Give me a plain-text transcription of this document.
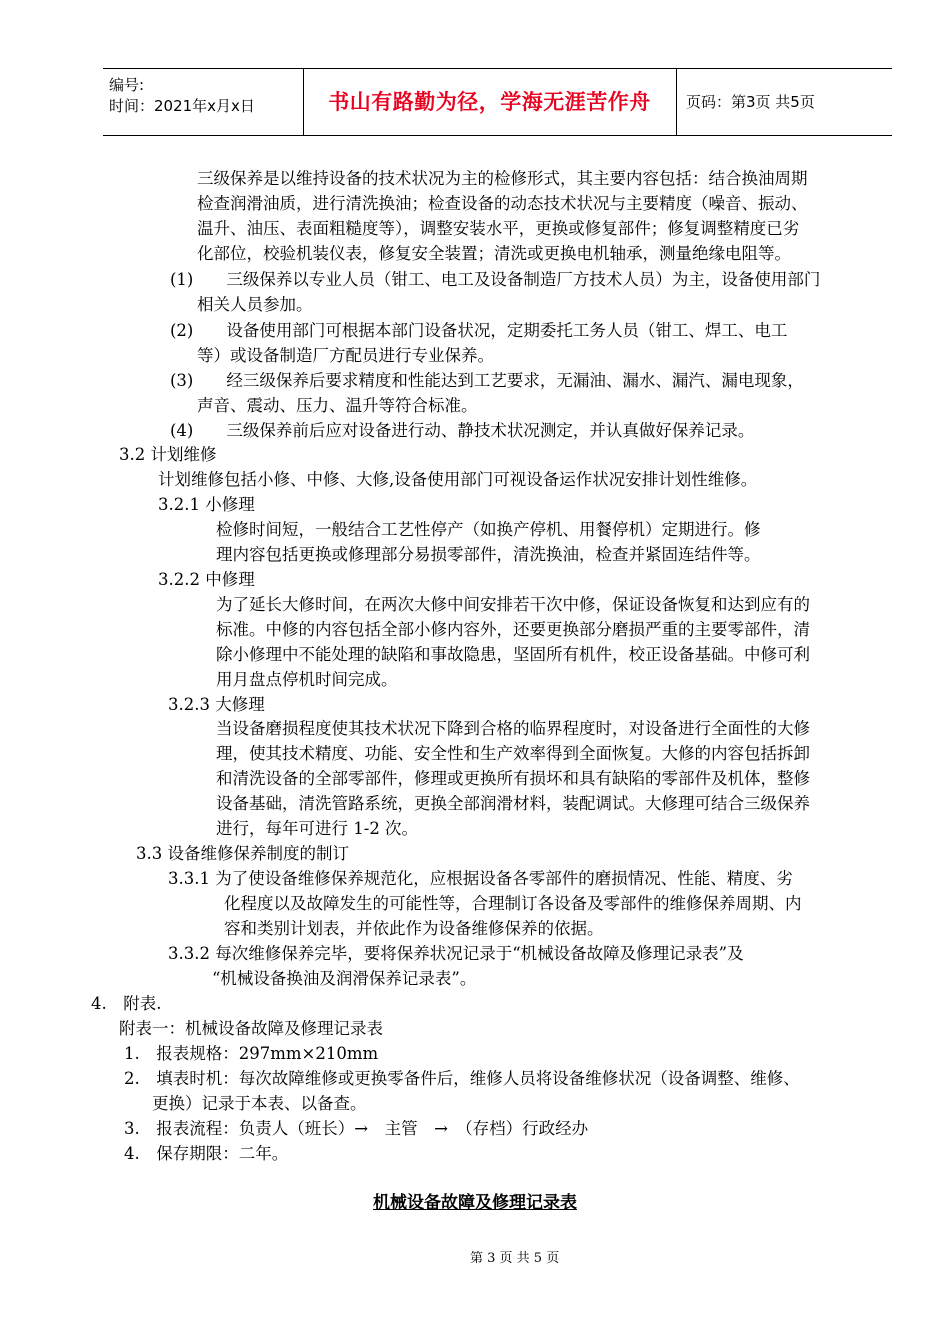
编号:
时间：2021年x月x日	书山有路勤为径，学海无涯苦作舟	页码：第3页 共5页
三级保养是以维持设备的技术状况为主的检修形式，其主要内容包括：结合换油周期
检查润滑油质，进行清洗换油；检查设备的动态技术状况与主要精度（噪音、振动、
温升、油压、表面粗糙度等），调整安装水平，更换或修复部件；修复调整精度已劣
化部位，校验机装仪表，修复安全装置；清洗或更换电机轴承，测量绝缘电阻等。
(1)　　三级保养以专业人员（钳工、电工及设备制造厂方技术人员）为主，设备使用部门
相关人员参加。
(2)　　设备使用部门可根据本部门设备状况，定期委托工务人员（钳工、焊工、电工
等）或设备制造厂方配员进行专业保养。
(3)　　经三级保养后要求精度和性能达到工艺要求，无漏油、漏水、漏汽、漏电现象，
声音、震动、压力、温升等符合标准。
(4)　　三级保养前后应对设备进行动、静技术状况测定，并认真做好保养记录。
3.2 计划维修
计划维修包括小修、中修、大修,设备使用部门可视设备运作状况安排计划性维修。
3.2.1 小修理
检修时间短，一般结合工艺性停产（如换产停机、用餐停机）定期进行。修
理内容包括更换或修理部分易损零部件，清洗换油，检查并紧固连结件等。
3.2.2 中修理
为了延长大修时间，在两次大修中间安排若干次中修，保证设备恢复和达到应有的
标准。中修的内容包括全部小修内容外，还要更换部分磨损严重的主要零部件，清
除小修理中不能处理的缺陷和事故隐患，坚固所有机件，校正设备基础。中修可利
用月盘点停机时间完成。
3.2.3 大修理
当设备磨损程度使其技术状况下降到合格的临界程度时，对设备进行全面性的大修
理，使其技术精度、功能、安全性和生产效率得到全面恢复。大修的内容包括拆卸
和清洗设备的全部零部件，修理或更换所有损坏和具有缺陷的零部件及机体，整修
设备基础，清洗管路系统，更换全部润滑材料，装配调试。大修理可结合三级保养
进行，每年可进行 1-2 次。
3.3 设备维修保养制度的制订
3.3.1 为了使设备维修保养规范化，应根据设备各零部件的磨损情况、性能、精度、劣
化程度以及故障发生的可能性等，合理制订各设备及零部件的维修保养周期、内
容和类别计划表，并依此作为设备维修保养的依据。
3.3.2 每次维修保养完毕，要将保养状况记录于“机械设备故障及修理记录表”及
“机械设备换油及润滑保养记录表”。
4.　附表.
附表一：机械设备故障及修理记录表
1.　报表规格：297mm×210mm
2.　填表时机：每次故障维修或更换零备件后，维修人员将设备维修状况（设备调整、维修、
更换）记录于本表、以备查。
3.　报表流程：负责人（班长）→　主管　→　（存档）行政经办
4.　保存期限：二年。
机械设备故障及修理记录表
第 3 页 共 5 页
